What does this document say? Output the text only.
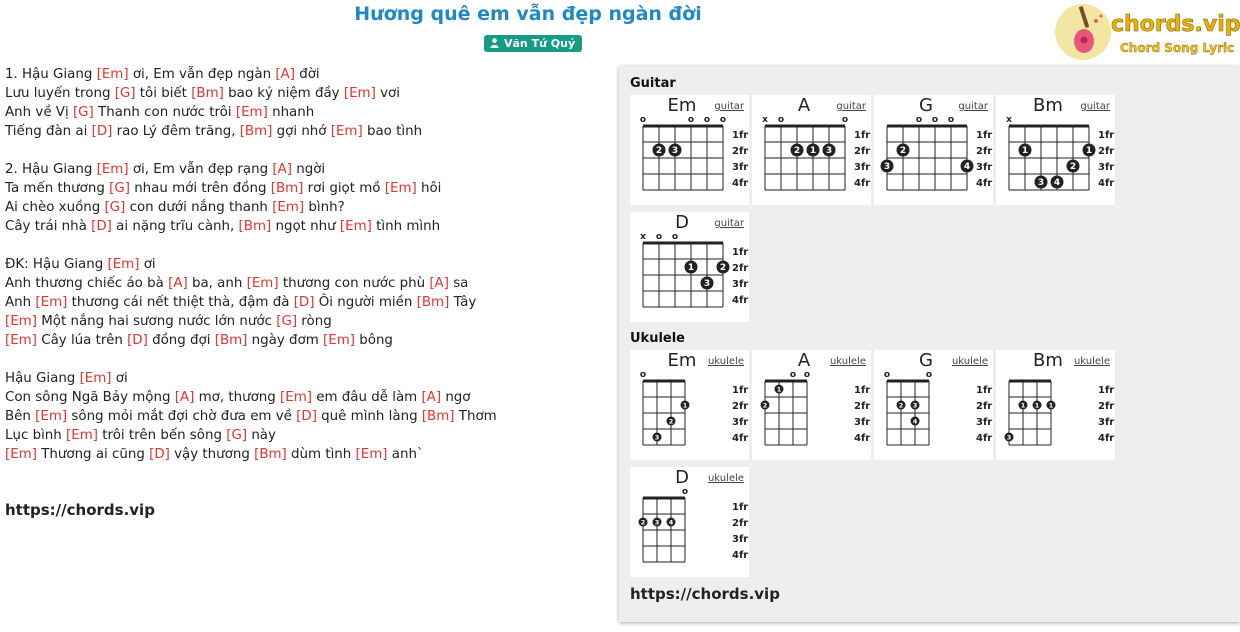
Hương quê em vẫn đẹp ngàn đời
Văn Tứ Quý
chords.vip
Chord Song Lyric
1. Hậu Giang [Em] ơi, Em vẫn đẹp ngàn [A] đời
Lưu luyến trong [G] tôi biết [Bm] bao kỷ niệm đầy [Em] vơi
Anh về Vị [G] Thanh con nước trôi [Em] nhanh
Tiếng đàn ai [D] rao Lý đêm trăng, [Bm] gợi nhớ [Em] bao tình
2. Hậu Giang [Em] ơi, Em vẫn đẹp rạng [A] ngời
Ta mến thương [G] nhau mới trên đồng [Bm] rơi giọt mồ [Em] hôi
Ai chèo xuồng [G] con dưới nắng thanh [Em] bình?
Cây trái nhà [D] ai nặng trĩu cành, [Bm] ngọt như [Em] tình mình
ĐK: Hậu Giang [Em] ơi
Anh thương chiếc áo bà [A] ba, anh [Em] thương con nước phù [A] sa
Anh [Em] thương cái nết thiệt thà, đậm đà [D] Ôi người miền [Bm] Tây
[Em] Một nắng hai sương nước lớn nước [G] ròng
[Em] Cây lúa trên [D] đồng đợi [Bm] ngày đơm [Em] bông
Hậu Giang [Em] ơi
Con sông Ngã Bảy mộng [A] mơ, thương [Em] em đâu dễ làm [A] ngơ
Bên [Em] sông mỏi mắt đợi chờ đưa em về [D] quê mình làng [Bm] Thơm
Lục bình [Em] trôi trên bến sông [G] này
[Em] Thương ai cũng [D] vậy thương [Bm] dùm tình [Em] anh`
https://chords.vip
Guitar
Em	guitar
o	o o o
1fr
2fr
3fr
4fr
2 3
A	guitar
x o	o
1fr
2fr
3fr
4fr
2 1 3
G	guitar
o o o
1fr
2fr
3fr
4fr
3
2
4
Bm	guitar
x
1fr
2fr
3fr
4fr
1
3 4
2
1
D	guitar
x o o
1fr
2fr
3fr
4fr
1
3
2
Ukulele
Em	ukulele
o
1fr
2fr
3fr
4fr
1
2
3
A	ukulele
o o
1fr
2fr
3fr
4fr
2
1
G	ukulele
o	o
1fr
2fr
3fr
4fr
2 3
4
Bm	ukulele
1fr
2fr
3fr
4fr
3
1 1 1
D	ukulele
o
1fr
2fr
3fr
4fr
2 3 4
https://chords.vip
